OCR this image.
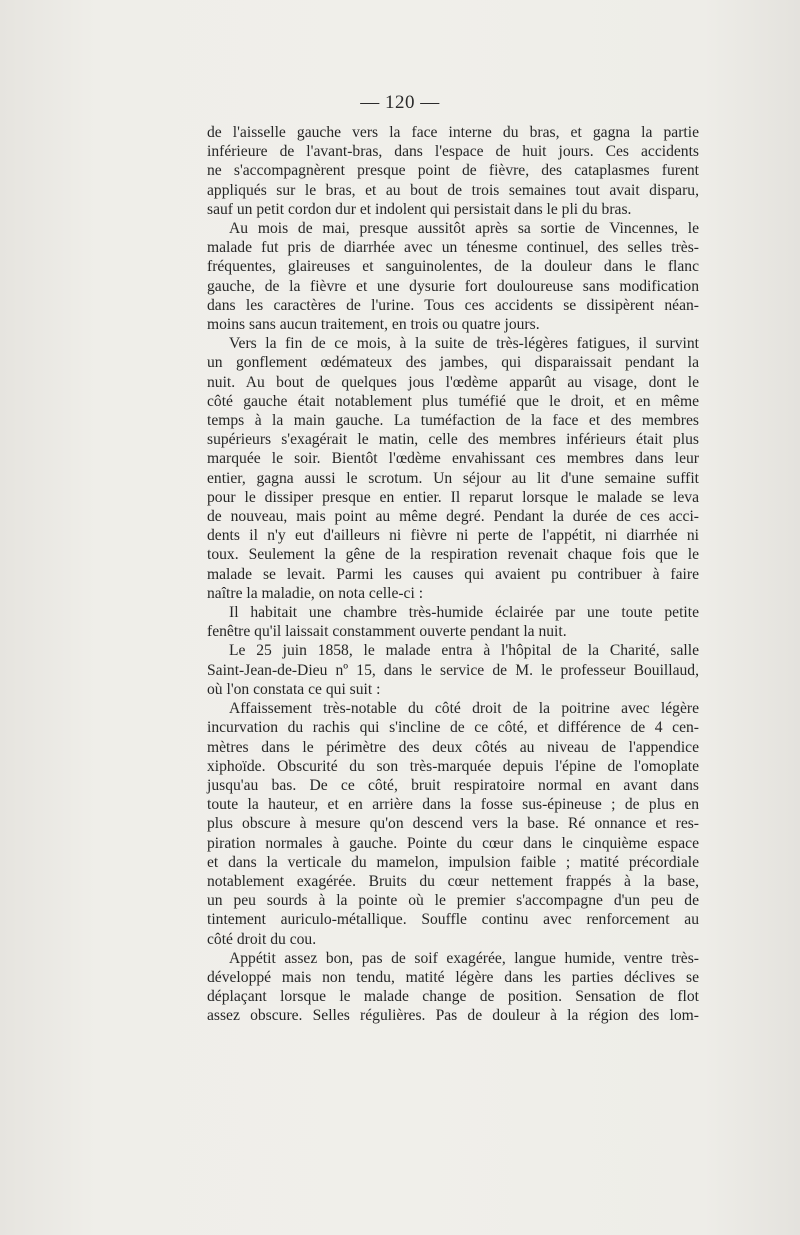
— 120 —

de l'aisselle gauche vers la face interne du bras, et gagna la partie

inférieure de l'avant-bras, dans l'espace de huit jours. Ces accidents

ne s'accompagnèrent presque point de fièvre, des cataplasmes furent

appliqués sur le bras, et au bout de trois semaines tout avait disparu,

sauf un petit cordon dur et indolent qui persistait dans le pli du bras.

Au mois de mai, presque aussitôt après sa sortie de Vincennes, le

malade fut pris de diarrhée avec un ténesme continuel, des selles très-

fréquentes, glaireuses et sanguinolentes, de la douleur dans le flanc

gauche, de la fièvre et une dysurie fort douloureuse sans modification

dans les caractères de l'urine. Tous ces accidents se dissipèrent néan-

moins sans aucun traitement, en trois ou quatre jours.

Vers la fin de ce mois, à la suite de très-légères fatigues, il survint

un gonflement œdémateux des jambes, qui disparaissait pendant la

nuit. Au bout de quelques jous l'œdème apparût au visage, dont le

côté gauche était notablement plus tuméfié que le droit, et en même

temps à la main gauche. La tuméfaction de la face et des membres

supérieurs s'exagérait le matin, celle des membres inférieurs était plus

marquée le soir. Bientôt l'œdème envahissant ces membres dans leur

entier, gagna aussi le scrotum. Un séjour au lit d'une semaine suffit

pour le dissiper presque en entier. Il reparut lorsque le malade se leva

de nouveau, mais point au même degré. Pendant la durée de ces acci-

dents il n'y eut d'ailleurs ni fièvre ni perte de l'appétit, ni diarrhée ni

toux. Seulement la gêne de la respiration revenait chaque fois que le

malade se levait. Parmi les causes qui avaient pu contribuer à faire

naître la maladie, on nota celle-ci :

Il habitait une chambre très-humide éclairée par une toute petite

fenêtre qu'il laissait constamment ouverte pendant la nuit.

Le 25 juin 1858, le malade entra à l'hôpital de la Charité, salle

Saint-Jean-de-Dieu nº 15, dans le service de M. le professeur Bouillaud,

où l'on constata ce qui suit :

Affaissement très-notable du côté droit de la poitrine avec légère

incurvation du rachis qui s'incline de ce côté, et différence de 4 cen-

mètres dans le périmètre des deux côtés au niveau de l'appendice

xiphoïde. Obscurité du son très-marquée depuis l'épine de l'omoplate

jusqu'au bas. De ce côté, bruit respiratoire normal en avant dans

toute la hauteur, et en arrière dans la fosse sus-épineuse ; de plus en

plus obscure à mesure qu'on descend vers la base. Ré onnance et res-

piration normales à gauche. Pointe du cœur dans le cinquième espace

et dans la verticale du mamelon, impulsion faible ; matité précordiale

notablement exagérée. Bruits du cœur nettement frappés à la base,

un peu sourds à la pointe où le premier s'accompagne d'un peu de

tintement auriculo-métallique. Souffle continu avec renforcement au

côté droit du cou.

Appétit assez bon, pas de soif exagérée, langue humide, ventre très-

développé mais non tendu, matité légère dans les parties déclives se

déplaçant lorsque le malade change de position. Sensation de flot

assez obscure. Selles régulières. Pas de douleur à la région des lom-
